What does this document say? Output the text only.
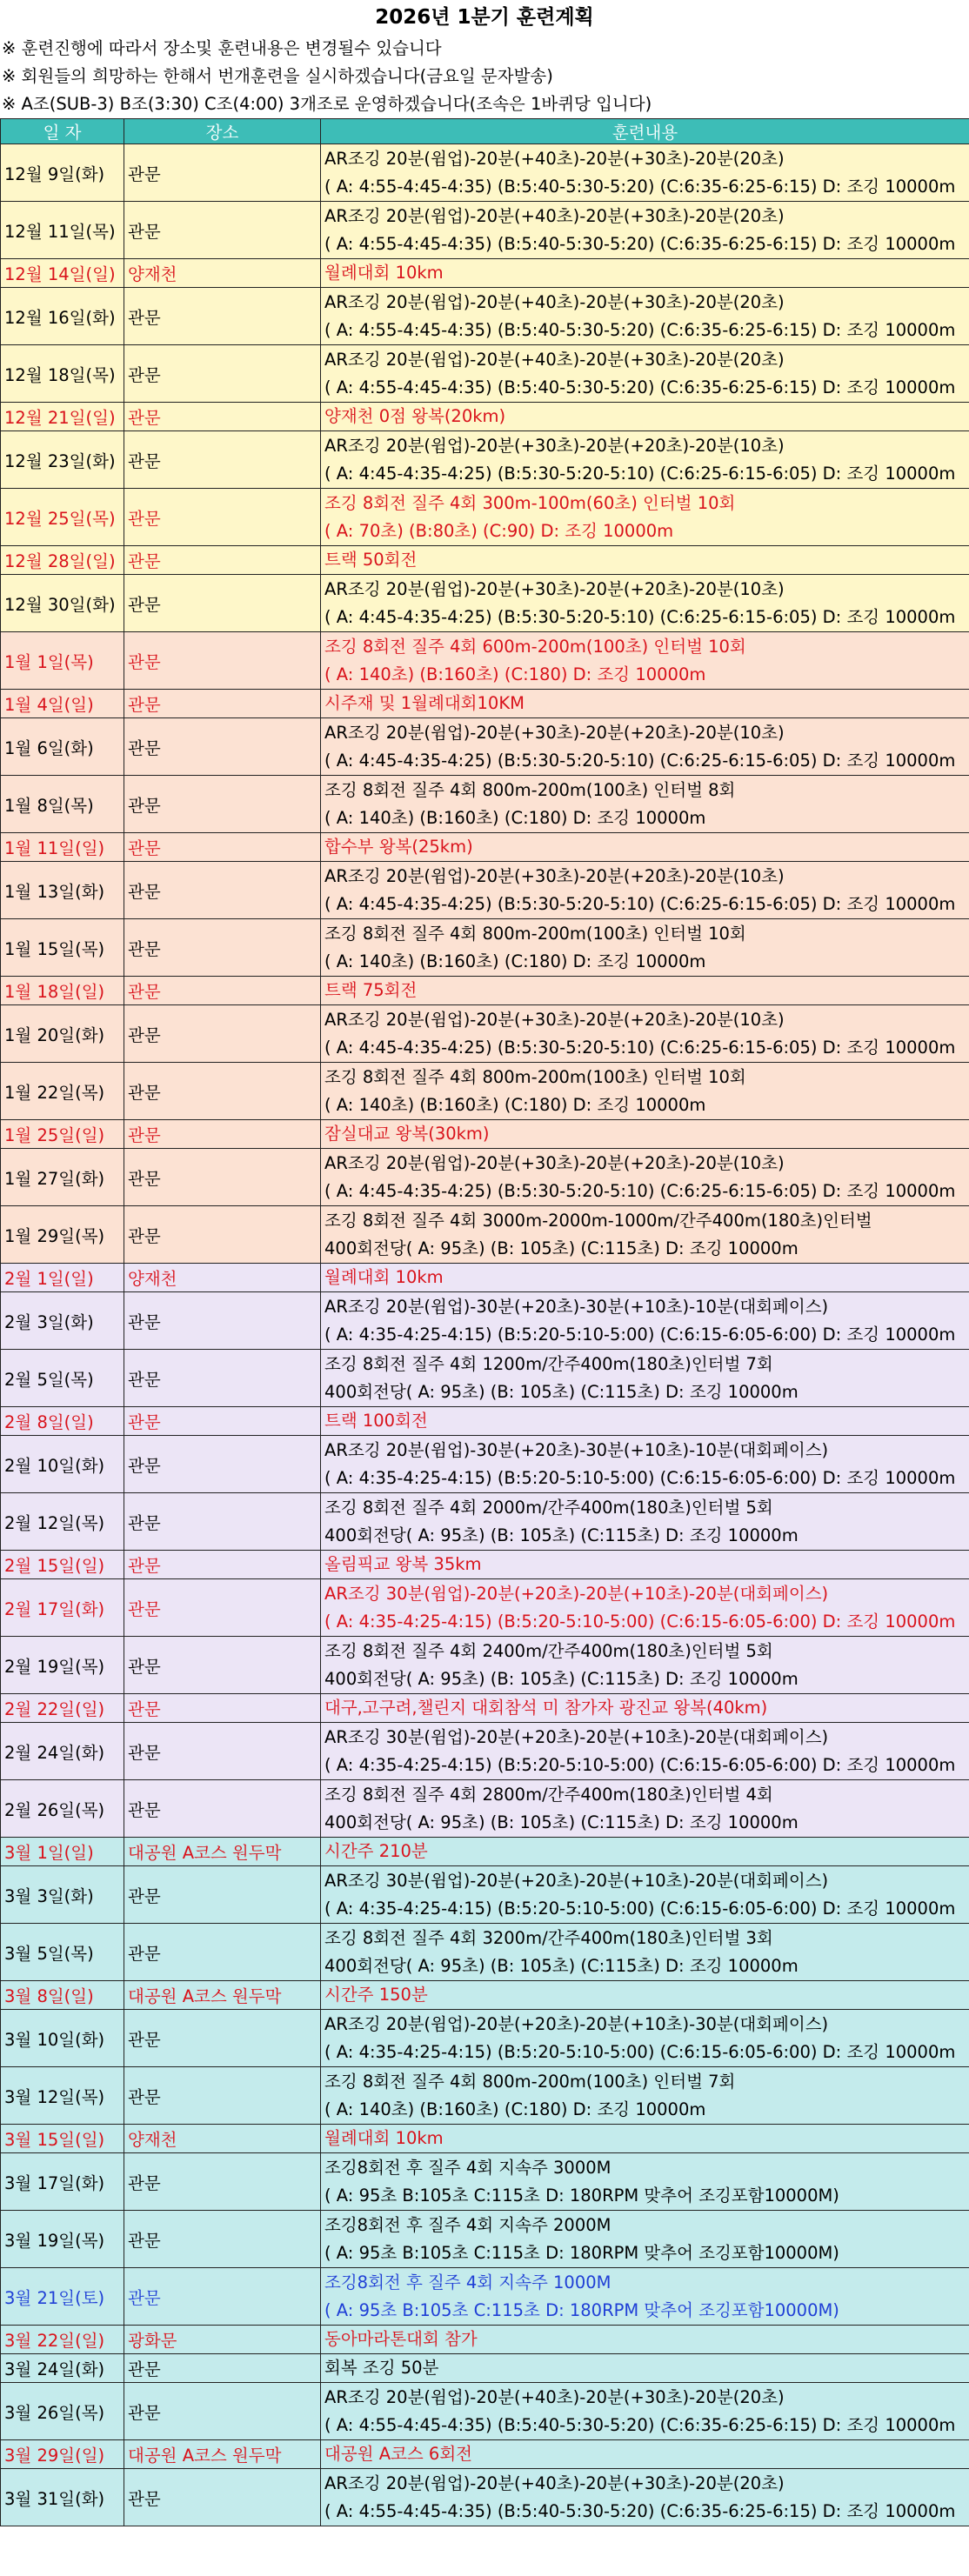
2026년 1분기 훈련계획
※ 훈련진행에 따라서 장소및 훈련내용은 변경될수 있습니다
※ 회원들의 희망하는 한해서 번개훈련을 실시하겠습니다(금요일 문자발송)
※ A조(SUB-3) B조(3:30) C조(4:00) 3개조로 운영하겠습니다(조속은 1바퀴당 입니다)
일 자	장소	훈련내용
12월 9일(화)	관문	AR조깅 20분(윔업)-20분(+40초)-20분(+30초)-20분(20초)
( A: 4:55-4:45-4:35) (B:5:40-5:30-5:20) (C:6:35-6:25-6:15) D: 조깅 10000m

12월 11일(목)	관문	AR조깅 20분(윔업)-20분(+40초)-20분(+30초)-20분(20초)
( A: 4:55-4:45-4:35) (B:5:40-5:30-5:20) (C:6:35-6:25-6:15) D: 조깅 10000m

12월 14일(일)	양재천	월례대회 10km

12월 16일(화)	관문	AR조깅 20분(윔업)-20분(+40초)-20분(+30초)-20분(20초)
( A: 4:55-4:45-4:35) (B:5:40-5:30-5:20) (C:6:35-6:25-6:15) D: 조깅 10000m

12월 18일(목)	관문	AR조깅 20분(윔업)-20분(+40초)-20분(+30초)-20분(20초)
( A: 4:55-4:45-4:35) (B:5:40-5:30-5:20) (C:6:35-6:25-6:15) D: 조깅 10000m

12월 21일(일)	관문	양재천 0점 왕복(20km)

12월 23일(화)	관문	AR조깅 20분(윔업)-20분(+30초)-20분(+20초)-20분(10초)
( A: 4:45-4:35-4:25) (B:5:30-5:20-5:10) (C:6:25-6:15-6:05) D: 조깅 10000m

12월 25일(목)	관문	조깅 8회전 질주 4회 300m-100m(60초) 인터벌 10회
( A: 70초) (B:80초) (C:90) D: 조깅 10000m

12월 28일(일)	관문	트랙 50회전

12월 30일(화)	관문	AR조깅 20분(윔업)-20분(+30초)-20분(+20초)-20분(10초)
( A: 4:45-4:35-4:25) (B:5:30-5:20-5:10) (C:6:25-6:15-6:05) D: 조깅 10000m

1월 1일(목)	관문	조깅 8회전 질주 4회 600m-200m(100초) 인터벌 10회
( A: 140초) (B:160초) (C:180) D: 조깅 10000m

1월 4일(일)	관문	시주재 및 1월례대회10KM

1월 6일(화)	관문	AR조깅 20분(윔업)-20분(+30초)-20분(+20초)-20분(10초)
( A: 4:45-4:35-4:25) (B:5:30-5:20-5:10) (C:6:25-6:15-6:05) D: 조깅 10000m

1월 8일(목)	관문	조깅 8회전 질주 4회 800m-200m(100초) 인터벌 8회
( A: 140초) (B:160초) (C:180) D: 조깅 10000m

1월 11일(일)	관문	합수부 왕복(25km)

1월 13일(화)	관문	AR조깅 20분(윔업)-20분(+30초)-20분(+20초)-20분(10초)
( A: 4:45-4:35-4:25) (B:5:30-5:20-5:10) (C:6:25-6:15-6:05) D: 조깅 10000m

1월 15일(목)	관문	조깅 8회전 질주 4회 800m-200m(100초) 인터벌 10회
( A: 140초) (B:160초) (C:180) D: 조깅 10000m

1월 18일(일)	관문	트랙 75회전

1월 20일(화)	관문	AR조깅 20분(윔업)-20분(+30초)-20분(+20초)-20분(10초)
( A: 4:45-4:35-4:25) (B:5:30-5:20-5:10) (C:6:25-6:15-6:05) D: 조깅 10000m

1월 22일(목)	관문	조깅 8회전 질주 4회 800m-200m(100초) 인터벌 10회
( A: 140초) (B:160초) (C:180) D: 조깅 10000m

1월 25일(일)	관문	잠실대교 왕복(30km)

1월 27일(화)	관문	AR조깅 20분(윔업)-20분(+30초)-20분(+20초)-20분(10초)
( A: 4:45-4:35-4:25) (B:5:30-5:20-5:10) (C:6:25-6:15-6:05) D: 조깅 10000m

1월 29일(목)	관문	조깅 8회전 질주 4회 3000m-2000m-1000m/간주400m(180초)인터벌
400회전당( A: 95초) (B: 105초) (C:115초) D: 조깅 10000m

2월 1일(일)	양재천	월례대회 10km

2월 3일(화)	관문	AR조깅 20분(윔업)-30분(+20초)-30분(+10초)-10분(대회페이스)
( A: 4:35-4:25-4:15) (B:5:20-5:10-5:00) (C:6:15-6:05-6:00) D: 조깅 10000m

2월 5일(목)	관문	조깅 8회전 질주 4회 1200m/간주400m(180초)인터벌 7회
400회전당( A: 95초) (B: 105초) (C:115초) D: 조깅 10000m

2월 8일(일)	관문	트랙 100회전

2월 10일(화)	관문	AR조깅 20분(윔업)-30분(+20초)-30분(+10초)-10분(대회페이스)
( A: 4:35-4:25-4:15) (B:5:20-5:10-5:00) (C:6:15-6:05-6:00) D: 조깅 10000m

2월 12일(목)	관문	조깅 8회전 질주 4회 2000m/간주400m(180초)인터벌 5회
400회전당( A: 95초) (B: 105초) (C:115초) D: 조깅 10000m

2월 15일(일)	관문	올림픽교 왕복 35km

2월 17일(화)	관문	AR조깅 30분(윔업)-20분(+20초)-20분(+10초)-20분(대회페이스)
( A: 4:35-4:25-4:15) (B:5:20-5:10-5:00) (C:6:15-6:05-6:00) D: 조깅 10000m

2월 19일(목)	관문	조깅 8회전 질주 4회 2400m/간주400m(180초)인터벌 5회
400회전당( A: 95초) (B: 105초) (C:115초) D: 조깅 10000m

2월 22일(일)	관문	대구,고구려,챌린지 대회참석 미 참가자 광진교 왕복(40km)

2월 24일(화)	관문	AR조깅 30분(윔업)-20분(+20초)-20분(+10초)-20분(대회페이스)
( A: 4:35-4:25-4:15) (B:5:20-5:10-5:00) (C:6:15-6:05-6:00) D: 조깅 10000m

2월 26일(목)	관문	조깅 8회전 질주 4회 2800m/간주400m(180초)인터벌 4회
400회전당( A: 95초) (B: 105초) (C:115초) D: 조깅 10000m

3월 1일(일)	대공원 A코스 원두막	시간주 210분

3월 3일(화)	관문	AR조깅 30분(윔업)-20분(+20초)-20분(+10초)-20분(대회페이스)
( A: 4:35-4:25-4:15) (B:5:20-5:10-5:00) (C:6:15-6:05-6:00) D: 조깅 10000m

3월 5일(목)	관문	조깅 8회전 질주 4회 3200m/간주400m(180초)인터벌 3회
400회전당( A: 95초) (B: 105초) (C:115초) D: 조깅 10000m

3월 8일(일)	대공원 A코스 원두막	시간주 150분

3월 10일(화)	관문	AR조깅 20분(윔업)-20분(+20초)-20분(+10초)-30분(대회페이스)
( A: 4:35-4:25-4:15) (B:5:20-5:10-5:00) (C:6:15-6:05-6:00) D: 조깅 10000m

3월 12일(목)	관문	조깅 8회전 질주 4회 800m-200m(100초) 인터벌 7회
( A: 140초) (B:160초) (C:180) D: 조깅 10000m

3월 15일(일)	양재천	월례대회 10km

3월 17일(화)	관문	조깅8회전 후 질주 4회 지속주 3000M
( A: 95초 B:105초 C:115초 D: 180RPM 맞추어 조깅포함10000M)

3월 19일(목)	관문	조깅8회전 후 질주 4회 지속주 2000M
( A: 95초 B:105초 C:115초 D: 180RPM 맞추어 조깅포함10000M)

3월 21일(토)	관문	조깅8회전 후 질주 4회 지속주 1000M
( A: 95초 B:105초 C:115초 D: 180RPM 맞추어 조깅포함10000M)

3월 22일(일)	광화문	동아마라톤대회 참가

3월 24일(화)	관문	회복 조깅 50분

3월 26일(목)	관문	AR조깅 20분(윔업)-20분(+40초)-20분(+30초)-20분(20초)
( A: 4:55-4:45-4:35) (B:5:40-5:30-5:20) (C:6:35-6:25-6:15) D: 조깅 10000m

3월 29일(일)	대공원 A코스 원두막	대공원 A코스 6회전

3월 31일(화)	관문	AR조깅 20분(윔업)-20분(+40초)-20분(+30초)-20분(20초)
( A: 4:55-4:45-4:35) (B:5:40-5:30-5:20) (C:6:35-6:25-6:15) D: 조깅 10000m
